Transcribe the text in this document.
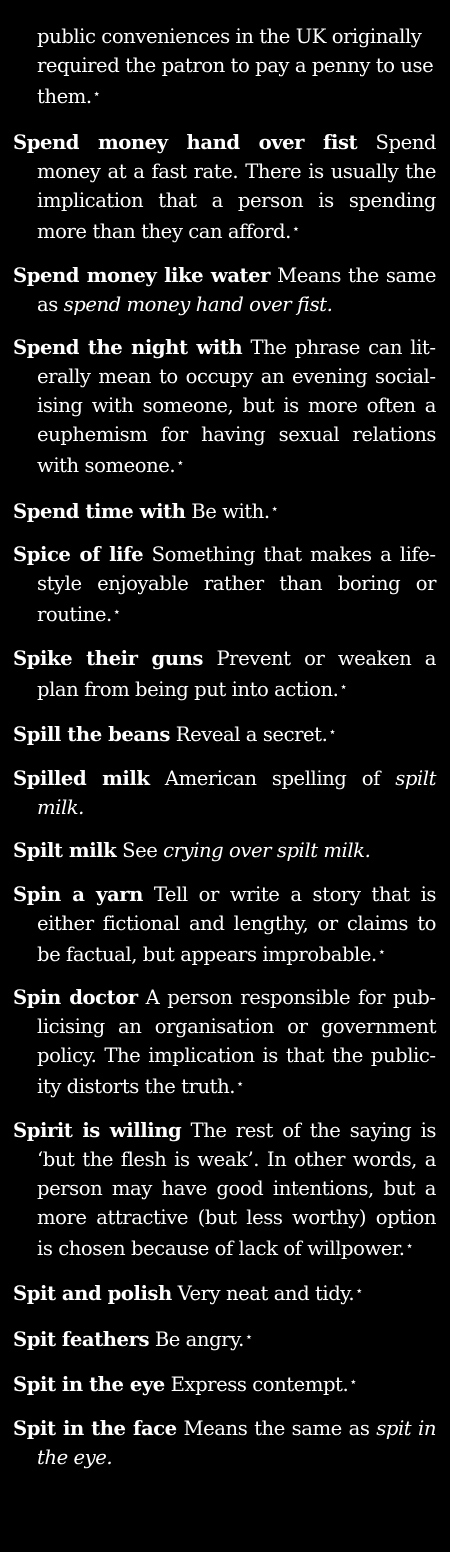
public conveniences in the UK originally required the patron to pay a penny to use them.⋆

Spend money hand over fist Spend money at a fast rate. There is usually the implication that a person is spending more than they can afford.⋆

Spend money like water Means the same as spend money hand over fist.

Spend the night with The phrase can literally mean to occupy an evening socialising with someone, but is more often a euphemism for having sexual relations with someone.⋆

Spend time with Be with.⋆

Spice of life Something that makes a lifestyle enjoyable rather than boring or routine.⋆

Spike their guns Prevent or weaken a plan from being put into action.⋆

Spill the beans Reveal a secret.⋆

Spilled milk American spelling of spilt milk.

Spilt milk See crying over spilt milk.

Spin a yarn Tell or write a story that is either fictional and lengthy, or claims to be factual, but appears improbable.⋆

Spin doctor A person responsible for publicising an organisation or government policy. The implication is that the publicity distorts the truth.⋆

Spirit is willing The rest of the saying is ‘but the flesh is weak’. In other words, a person may have good intentions, but a more attractive (but less worthy) option is chosen because of lack of willpower.⋆

Spit and polish Very neat and tidy.⋆

Spit feathers Be angry.⋆

Spit in the eye Express contempt.⋆

Spit in the face Means the same as spit in the eye.
